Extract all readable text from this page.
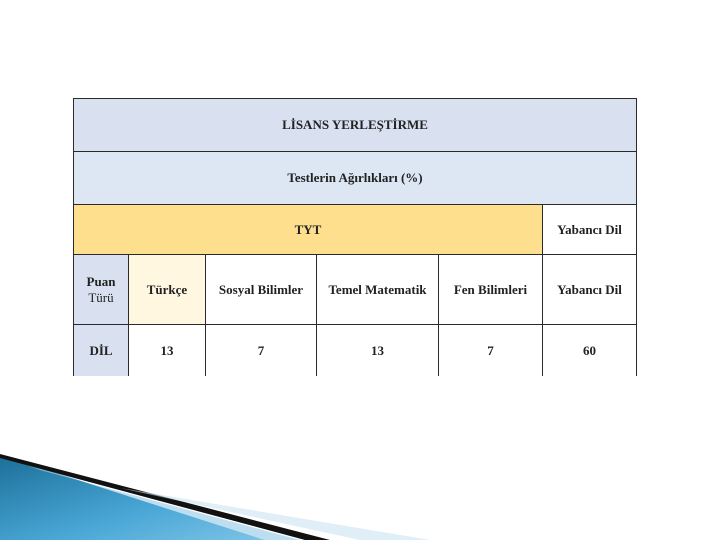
LİSANS YERLEŞTİRME					
Testlerin Ağırlıkları (%)					
TYT					Yabancı Dil
Puan
Türü	Türkçe	Sosyal Bilimler	Temel Matematik	Fen Bilimleri	Yabancı Dil
DİL	13	7	13	7	60
